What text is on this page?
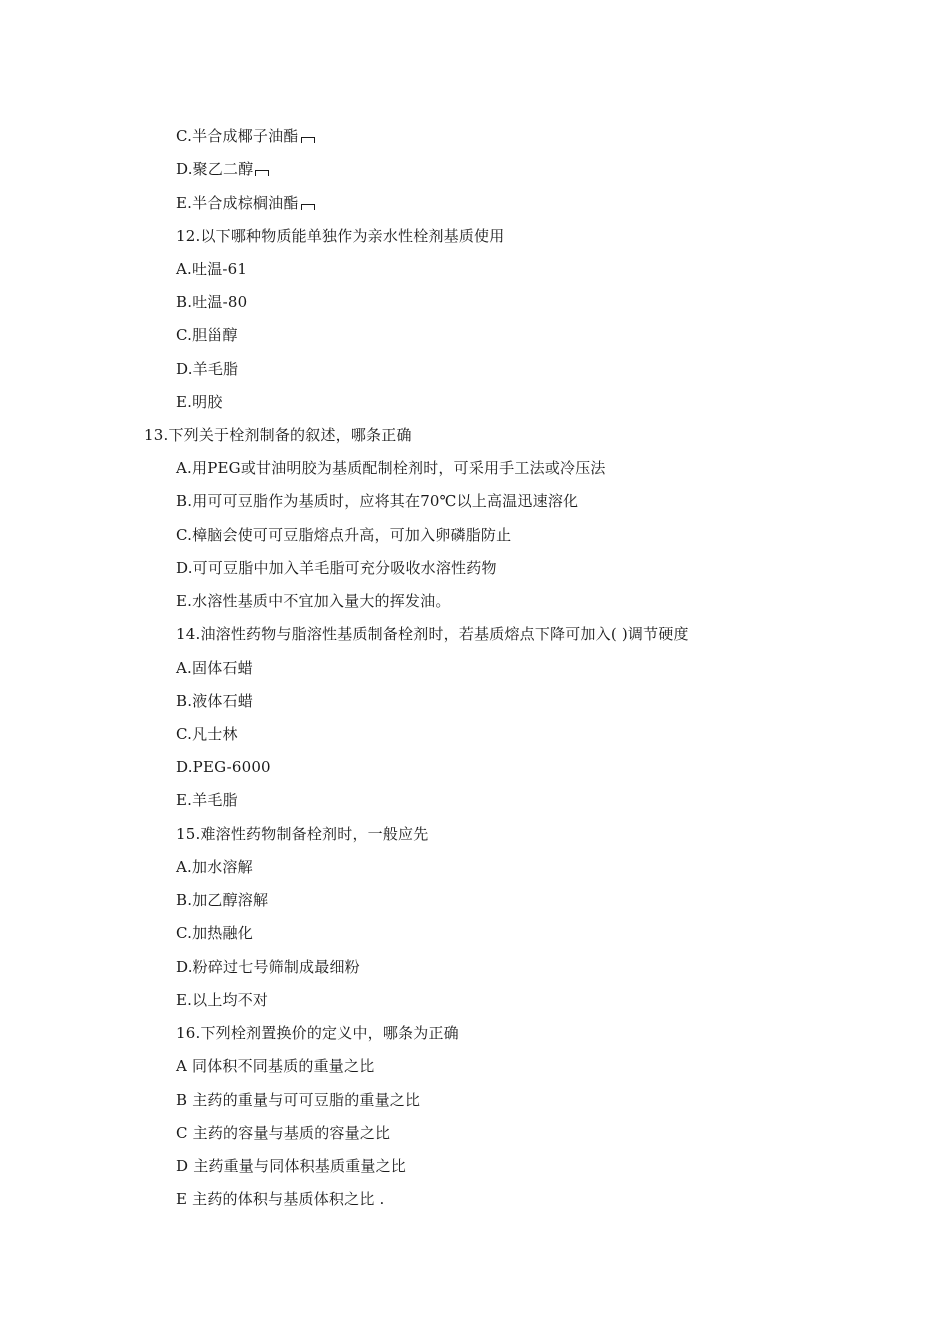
C.半合成椰子油酯
D.聚乙二醇
E.半合成棕榈油酯
12.以下哪种物质能单独作为亲水性栓剂基质使用
A.吐温-61
B.吐温-80
C.胆甾醇
D.羊毛脂
E.明胶
13.下列关于栓剂制备的叙述，哪条正确
A.用PEG或甘油明胶为基质配制栓剂时，可采用手工法或冷压法
B.用可可豆脂作为基质时，应将其在70℃以上高温迅速溶化
C.樟脑会使可可豆脂熔点升高，可加入卵磷脂防止
D.可可豆脂中加入羊毛脂可充分吸收水溶性药物
E.水溶性基质中不宜加入量大的挥发油。
14.油溶性药物与脂溶性基质制备栓剂时，若基质熔点下降可加入( )调节硬度
A.固体石蜡
B.液体石蜡
C.凡士林
D.PEG-6000
E.羊毛脂
15.难溶性药物制备栓剂时，一般应先
A.加水溶解
B.加乙醇溶解
C.加热融化
D.粉碎过七号筛制成最细粉
E.以上均不对
16.下列栓剂置换价的定义中，哪条为正确
A 同体积不同基质的重量之比
B 主药的重量与可可豆脂的重量之比
C 主药的容量与基质的容量之比
D 主药重量与同体积基质重量之比
E 主药的体积与基质体积之比 .
